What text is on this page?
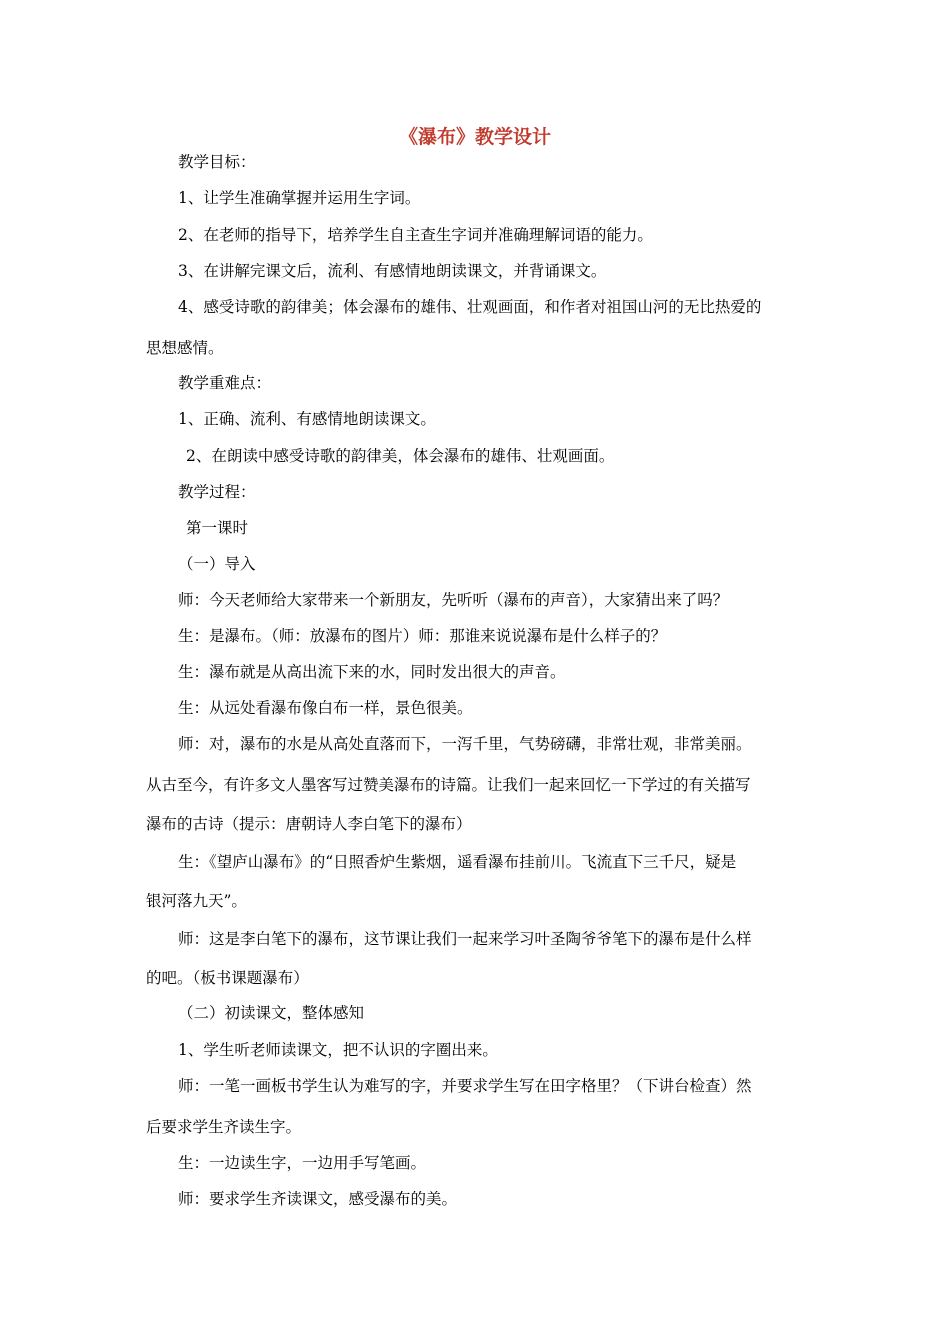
《瀑布》教学设计
教学目标：
1、让学生准确掌握并运用生字词。
2、在老师的指导下，培养学生自主查生字词并准确理解词语的能力。
3、在讲解完课文后，流利、有感情地朗读课文，并背诵课文。
4、感受诗歌的韵律美；体会瀑布的雄伟、壮观画面，和作者对祖国山河的无比热爱的
思想感情。
教学重难点：
1、正确、流利、有感情地朗读课文。
2、在朗读中感受诗歌的韵律美，体会瀑布的雄伟、壮观画面。
教学过程：
第一课时
（一）导入
师：今天老师给大家带来一个新朋友，先听听（瀑布的声音），大家猜出来了吗？
生：是瀑布。（师：放瀑布的图片）师：那谁来说说瀑布是什么样子的？
生：瀑布就是从高出流下来的水，同时发出很大的声音。
生：从远处看瀑布像白布一样，景色很美。
师：对，瀑布的水是从高处直落而下，一泻千里，气势磅礴，非常壮观，非常美丽。
从古至今，有许多文人墨客写过赞美瀑布的诗篇。让我们一起来回忆一下学过的有关描写
瀑布的古诗（提示：唐朝诗人李白笔下的瀑布）
生：《望庐山瀑布》的“日照香炉生紫烟，遥看瀑布挂前川。飞流直下三千尺，疑是
银河落九天”。
师：这是李白笔下的瀑布，这节课让我们一起来学习叶圣陶爷爷笔下的瀑布是什么样
的吧。（板书课题瀑布）
（二）初读课文，整体感知
1、学生听老师读课文，把不认识的字圈出来。
师：一笔一画板书学生认为难写的字，并要求学生写在田字格里？（下讲台检查）然
后要求学生齐读生字。
生：一边读生字，一边用手写笔画。
师：要求学生齐读课文，感受瀑布的美。
